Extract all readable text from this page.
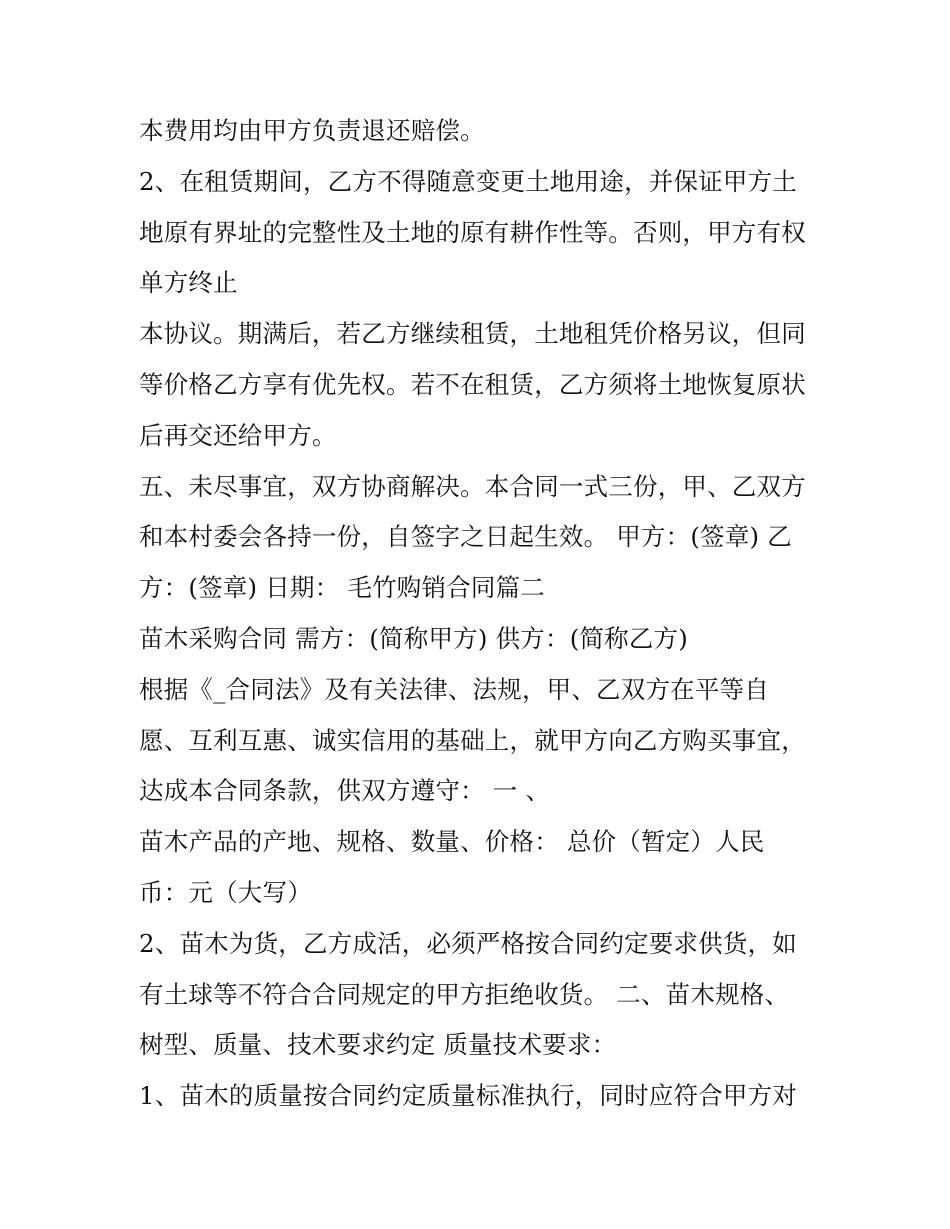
本费用均由甲方负责退还赔偿。
2、在租赁期间，乙方不得随意变更土地用途，并保证甲方土
地原有界址的完整性及土地的原有耕作性等。否则，甲方有权
单方终止
本协议。期满后，若乙方继续租赁，土地租凭价格另议，但同
等价格乙方享有优先权。若不在租赁，乙方须将土地恢复原状
后再交还给甲方。
五、未尽事宜，双方协商解决。本合同一式三份，甲、乙双方
和本村委会各持一份，自签字之日起生效。 甲方：(签章) 乙
方：(签章) 日期： 毛竹购销合同篇二
苗木采购合同 需方：(简称甲方) 供方：(简称乙方)
根据《_合同法》及有关法律、法规，甲、乙双方在平等自
愿、互利互惠、诚实信用的基础上，就甲方向乙方购买事宜，
达成本合同条款，供双方遵守： 一 、
苗木产品的产地、规格、数量、价格： 总价（暂定）人民
币：元（大写）
2、苗木为货，乙方成活，必须严格按合同约定要求供货，如
有土球等不符合合同规定的甲方拒绝收货。 二、苗木规格、
树型、质量、技术要求约定 质量技术要求：
1、苗木的质量按合同约定质量标准执行，同时应符合甲方对
